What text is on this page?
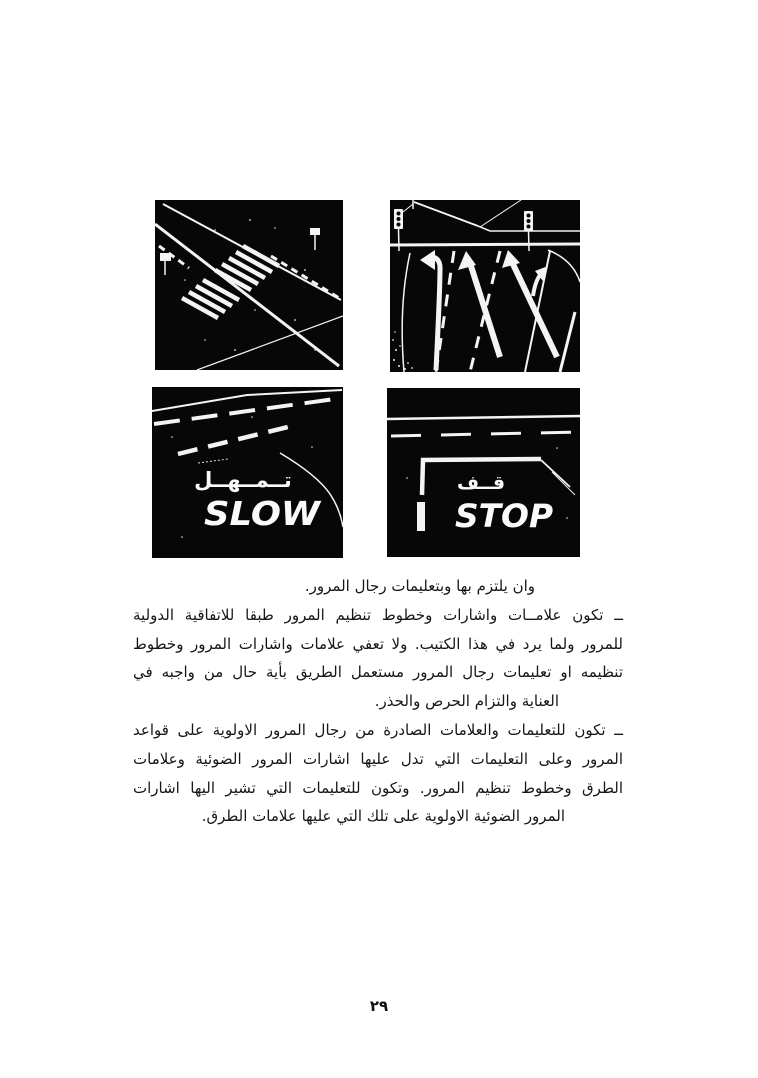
تــمــهــل
SLOW
قــف
STOP
وان يلتزم بها وبتعليمات رجال المرور.
ــ تكون علامــات واشارات وخطوط تنظيم المرور طبقا للاتفاقية الدولية
للمرور ولما يرد في هذا الكتيب. ولا تعفي علامات واشارات المرور وخطوط
تنظيمه او تعليمات رجال المرور مستعمل الطريق بأية حال من واجبه في
العناية والتزام الحرص والحذر.
ــ تكون للتعليمات والعلامات الصادرة من رجال المرور الاولوية على قواعد
المرور وعلى التعليمات التي تدل عليها اشارات المرور الضوئية وعلامات
الطرق وخطوط تنظيم المرور. وتكون للتعليمات التي تشير اليها اشارات
المرور الضوئية الاولوية على تلك التي عليها علامات الطرق.
٢٩
